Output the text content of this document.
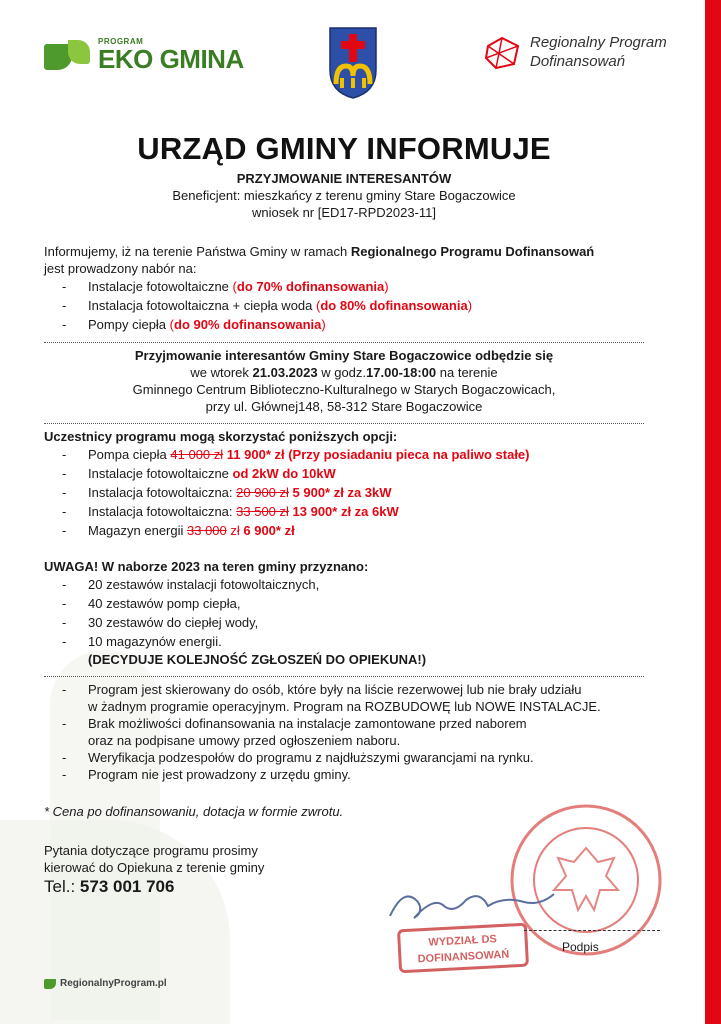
PROGRAM
EKO GMINA
Regionalny Program
Dofinansowań
URZĄD GMINY INFORMUJE
PRZYJMOWANIE INTERESANTÓW
Beneficjent: mieszkańcy z terenu gminy Stare Bogaczowice
wniosek nr [ED17-RPD2023-11]
Informujemy, iż na terenie Państwa Gminy w ramach Regionalnego Programu Dofinansowań
jest prowadzony nabór na:
- Instalacje fotowoltaiczne (do 70% dofinansowania)
- Instalacja fotowoltaiczna + ciepła woda (do 80% dofinansowania)
- Pompy ciepła (do 90% dofinansowania)
Przyjmowanie interesantów Gminy Stare Bogaczowice odbędzie się
we wtorek 21.03.2023 w godz.17.00-18:00 na terenie
Gminnego Centrum Biblioteczno-Kulturalnego w Starych Bogaczowicach,
przy ul. Głównej148, 58-312 Stare Bogaczowice
Uczestnicy programu mogą skorzystać poniższych opcji:
- Pompa ciepła 41 000 zł 11 900* zł (Przy posiadaniu pieca na paliwo stałe)
- Instalacje fotowoltaiczne od 2kW do 10kW
- Instalacja fotowoltaiczna: 20 900 zł 5 900* zł za 3kW
- Instalacja fotowoltaiczna: 33 500 zł 13 900* zł za 6kW
- Magazyn energii 33 000 zł 6 900* zł
UWAGA! W naborze 2023 na teren gminy przyznano:
- 20 zestawów instalacji fotowoltaicznych,
- 40 zestawów pomp ciepła,
- 30 zestawów do ciepłej wody,
- 10 magazynów energii.
(DECYDUJE KOLEJNOŚĆ ZGŁOSZEŃ DO OPIEKUNA!)
- Program jest skierowany do osób, które były na liście rezerwowej lub nie brały udziału
w żadnym programie operacyjnym. Program na ROZBUDOWĘ lub NOWE INSTALACJE.
- Brak możliwości dofinansowania na instalacje zamontowane przed naborem
oraz na podpisane umowy przed ogłoszeniem naboru.
- Weryfikacja podzespołów do programu z najdłuższymi gwarancjami na rynku.
- Program nie jest prowadzony z urzędu gminy.
* Cena po dofinansowaniu, dotacja w formie zwrotu.
Pytania dotyczące programu prosimy
kierować do Opiekuna z terenie gminy
Tel.: 573 001 706
WYDZIAŁ DS
DOFINANSOWAŃ
Podpis
RegionalnyProgram.pl
